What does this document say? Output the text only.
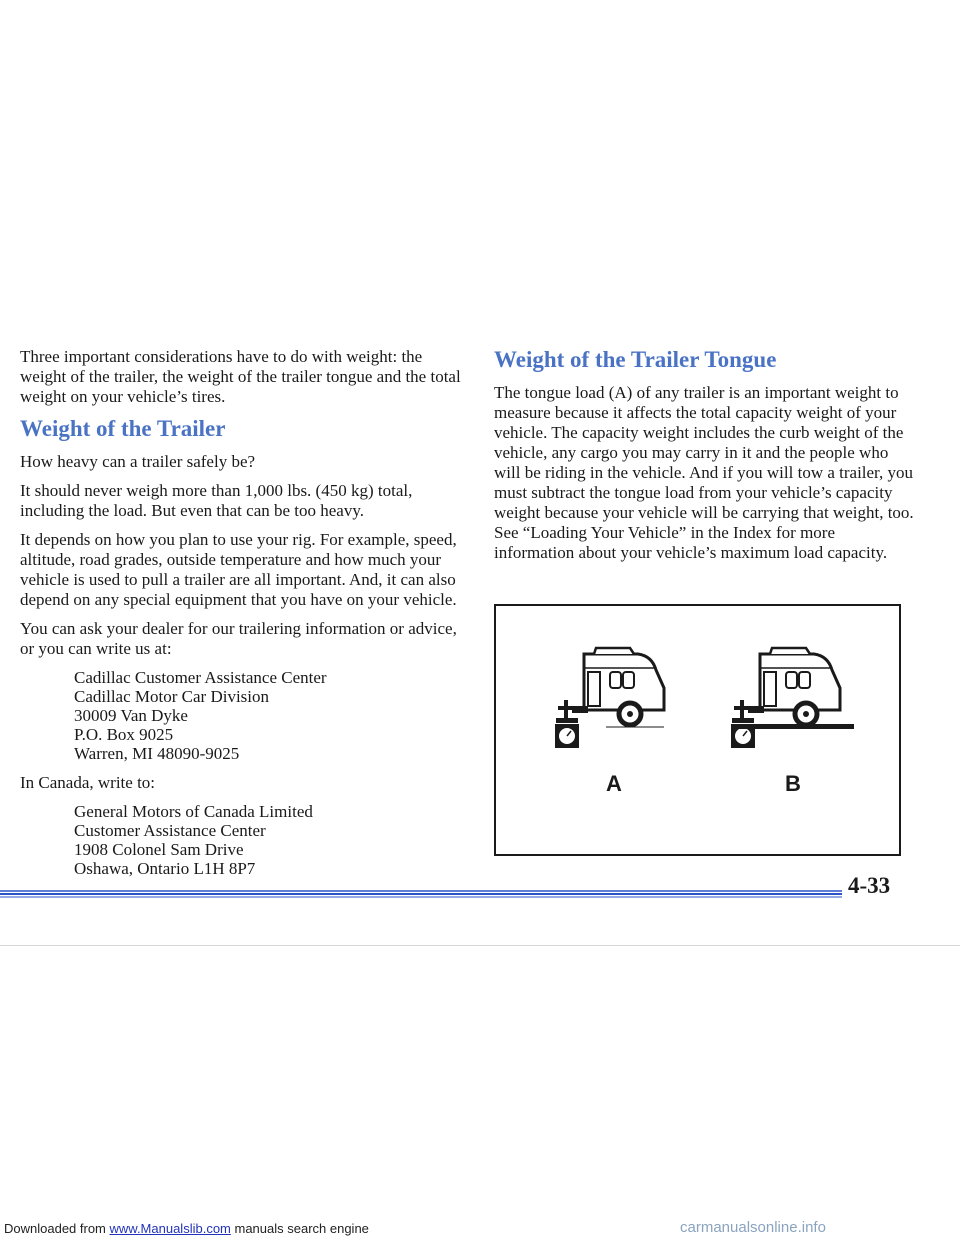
Three important considerations have to do with weight: the weight of the trailer, the weight of the trailer tongue and the total weight on your vehicle’s tires.

Weight of the Trailer

How heavy can a trailer safely be?

It should never weigh more than 1,000 lbs. (450 kg) total, including the load. But even that can be too heavy.

It depends on how you plan to use your rig. For example, speed, altitude, road grades, outside temperature and how much your vehicle is used to pull a trailer are all important. And, it can also depend on any special equipment that you have on your vehicle.

You can ask your dealer for our trailering information or advice, or you can write us at:

Cadillac Customer Assistance Center
Cadillac Motor Car Division
30009 Van Dyke
P.O. Box 9025
Warren, MI 48090-9025

In Canada, write to:

General Motors of Canada Limited
Customer Assistance Center
1908 Colonel Sam Drive
Oshawa, Ontario L1H 8P7
Weight of the Trailer Tongue

The tongue load (A) of any trailer is an important weight to measure because it affects the total capacity weight of your vehicle. The capacity weight includes the curb weight of the vehicle, any cargo you may carry in it and the people who will be riding in the vehicle. And if you will tow a trailer, you must subtract the tongue load from your vehicle’s capacity weight because your vehicle will be carrying that weight, too. See “Loading Your Vehicle” in the Index for more information about your vehicle’s maximum load capacity.

A	B
4-33
Downloaded from www.Manualslib.com manuals search engine	carmanualsonline.info
